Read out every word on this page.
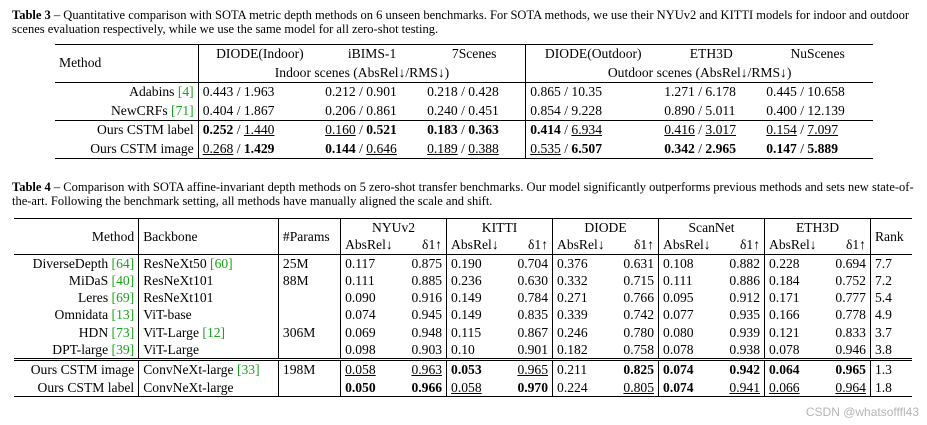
Table 3 – Quantitative comparison with SOTA metric depth methods on 6 unseen benchmarks. For SOTA methods, we use their NYUv2 and KITTI models for indoor and outdoor scenes evaluation respectively, while we use the same model for all zero-shot testing.
Method	DIODE(Indoor)	iBIMS-1	7Scenes	DIODE(Outdoor)	ETH3D	NuScenes
	Indoor scenes (AbsRel↓/RMS↓)			Outdoor scenes (AbsRel↓/RMS↓)		
Adabins [4]	0.443 / 1.963	0.212 / 0.901	0.218 / 0.428	0.865 / 10.35	1.271 / 6.178	0.445 / 10.658
NewCRFs [71]	0.404 / 1.867	0.206 / 0.861	0.240 / 0.451	0.854 / 9.228	0.890 / 5.011	0.400 / 12.139
Ours CSTM label	0.252 / 1.440	0.160 / 0.521	0.183 / 0.363	0.414 / 6.934	0.416 / 3.017	0.154 / 7.097
Ours CSTM image	0.268 / 1.429	0.144 / 0.646	0.189 / 0.388	0.535 / 6.507	0.342 / 2.965	0.147 / 5.889
Table 4 – Comparison with SOTA affine-invariant depth methods on 5 zero-shot transfer benchmarks. Our model significantly outperforms previous methods and sets new state-of-the-art. Following the benchmark setting, all methods have manually aligned the scale and shift.
Method	Backbone	#Params	NYUv2		KITTI		DIODE		ScanNet		ETH3D		Rank
			AbsRel↓	δ1↑	AbsRel↓	δ1↑	AbsRel↓	δ1↑	AbsRel↓	δ1↑	AbsRel↓	δ1↑	
DiverseDepth [64]	ResNeXt50 [60]	25M	0.117	0.875	0.190	0.704	0.376	0.631	0.108	0.882	0.228	0.694	7.7
MiDaS [40]	ResNeXt101	88M	0.111	0.885	0.236	0.630	0.332	0.715	0.111	0.886	0.184	0.752	7.2
Leres [69]	ResNeXt101		0.090	0.916	0.149	0.784	0.271	0.766	0.095	0.912	0.171	0.777	5.4
Omnidata [13]	ViT-base		0.074	0.945	0.149	0.835	0.339	0.742	0.077	0.935	0.166	0.778	4.9
HDN [73]	ViT-Large [12]	306M	0.069	0.948	0.115	0.867	0.246	0.780	0.080	0.939	0.121	0.833	3.7
DPT-large [39]	ViT-Large		0.098	0.903	0.10	0.901	0.182	0.758	0.078	0.938	0.078	0.946	3.8
Ours CSTM image	ConvNeXt-large [33]	198M	0.058	0.963	0.053	0.965	0.211	0.825	0.074	0.942	0.064	0.965	1.3
Ours CSTM label	ConvNeXt-large		0.050	0.966	0.058	0.970	0.224	0.805	0.074	0.941	0.066	0.964	1.8
CSDN @whatsofffl43
